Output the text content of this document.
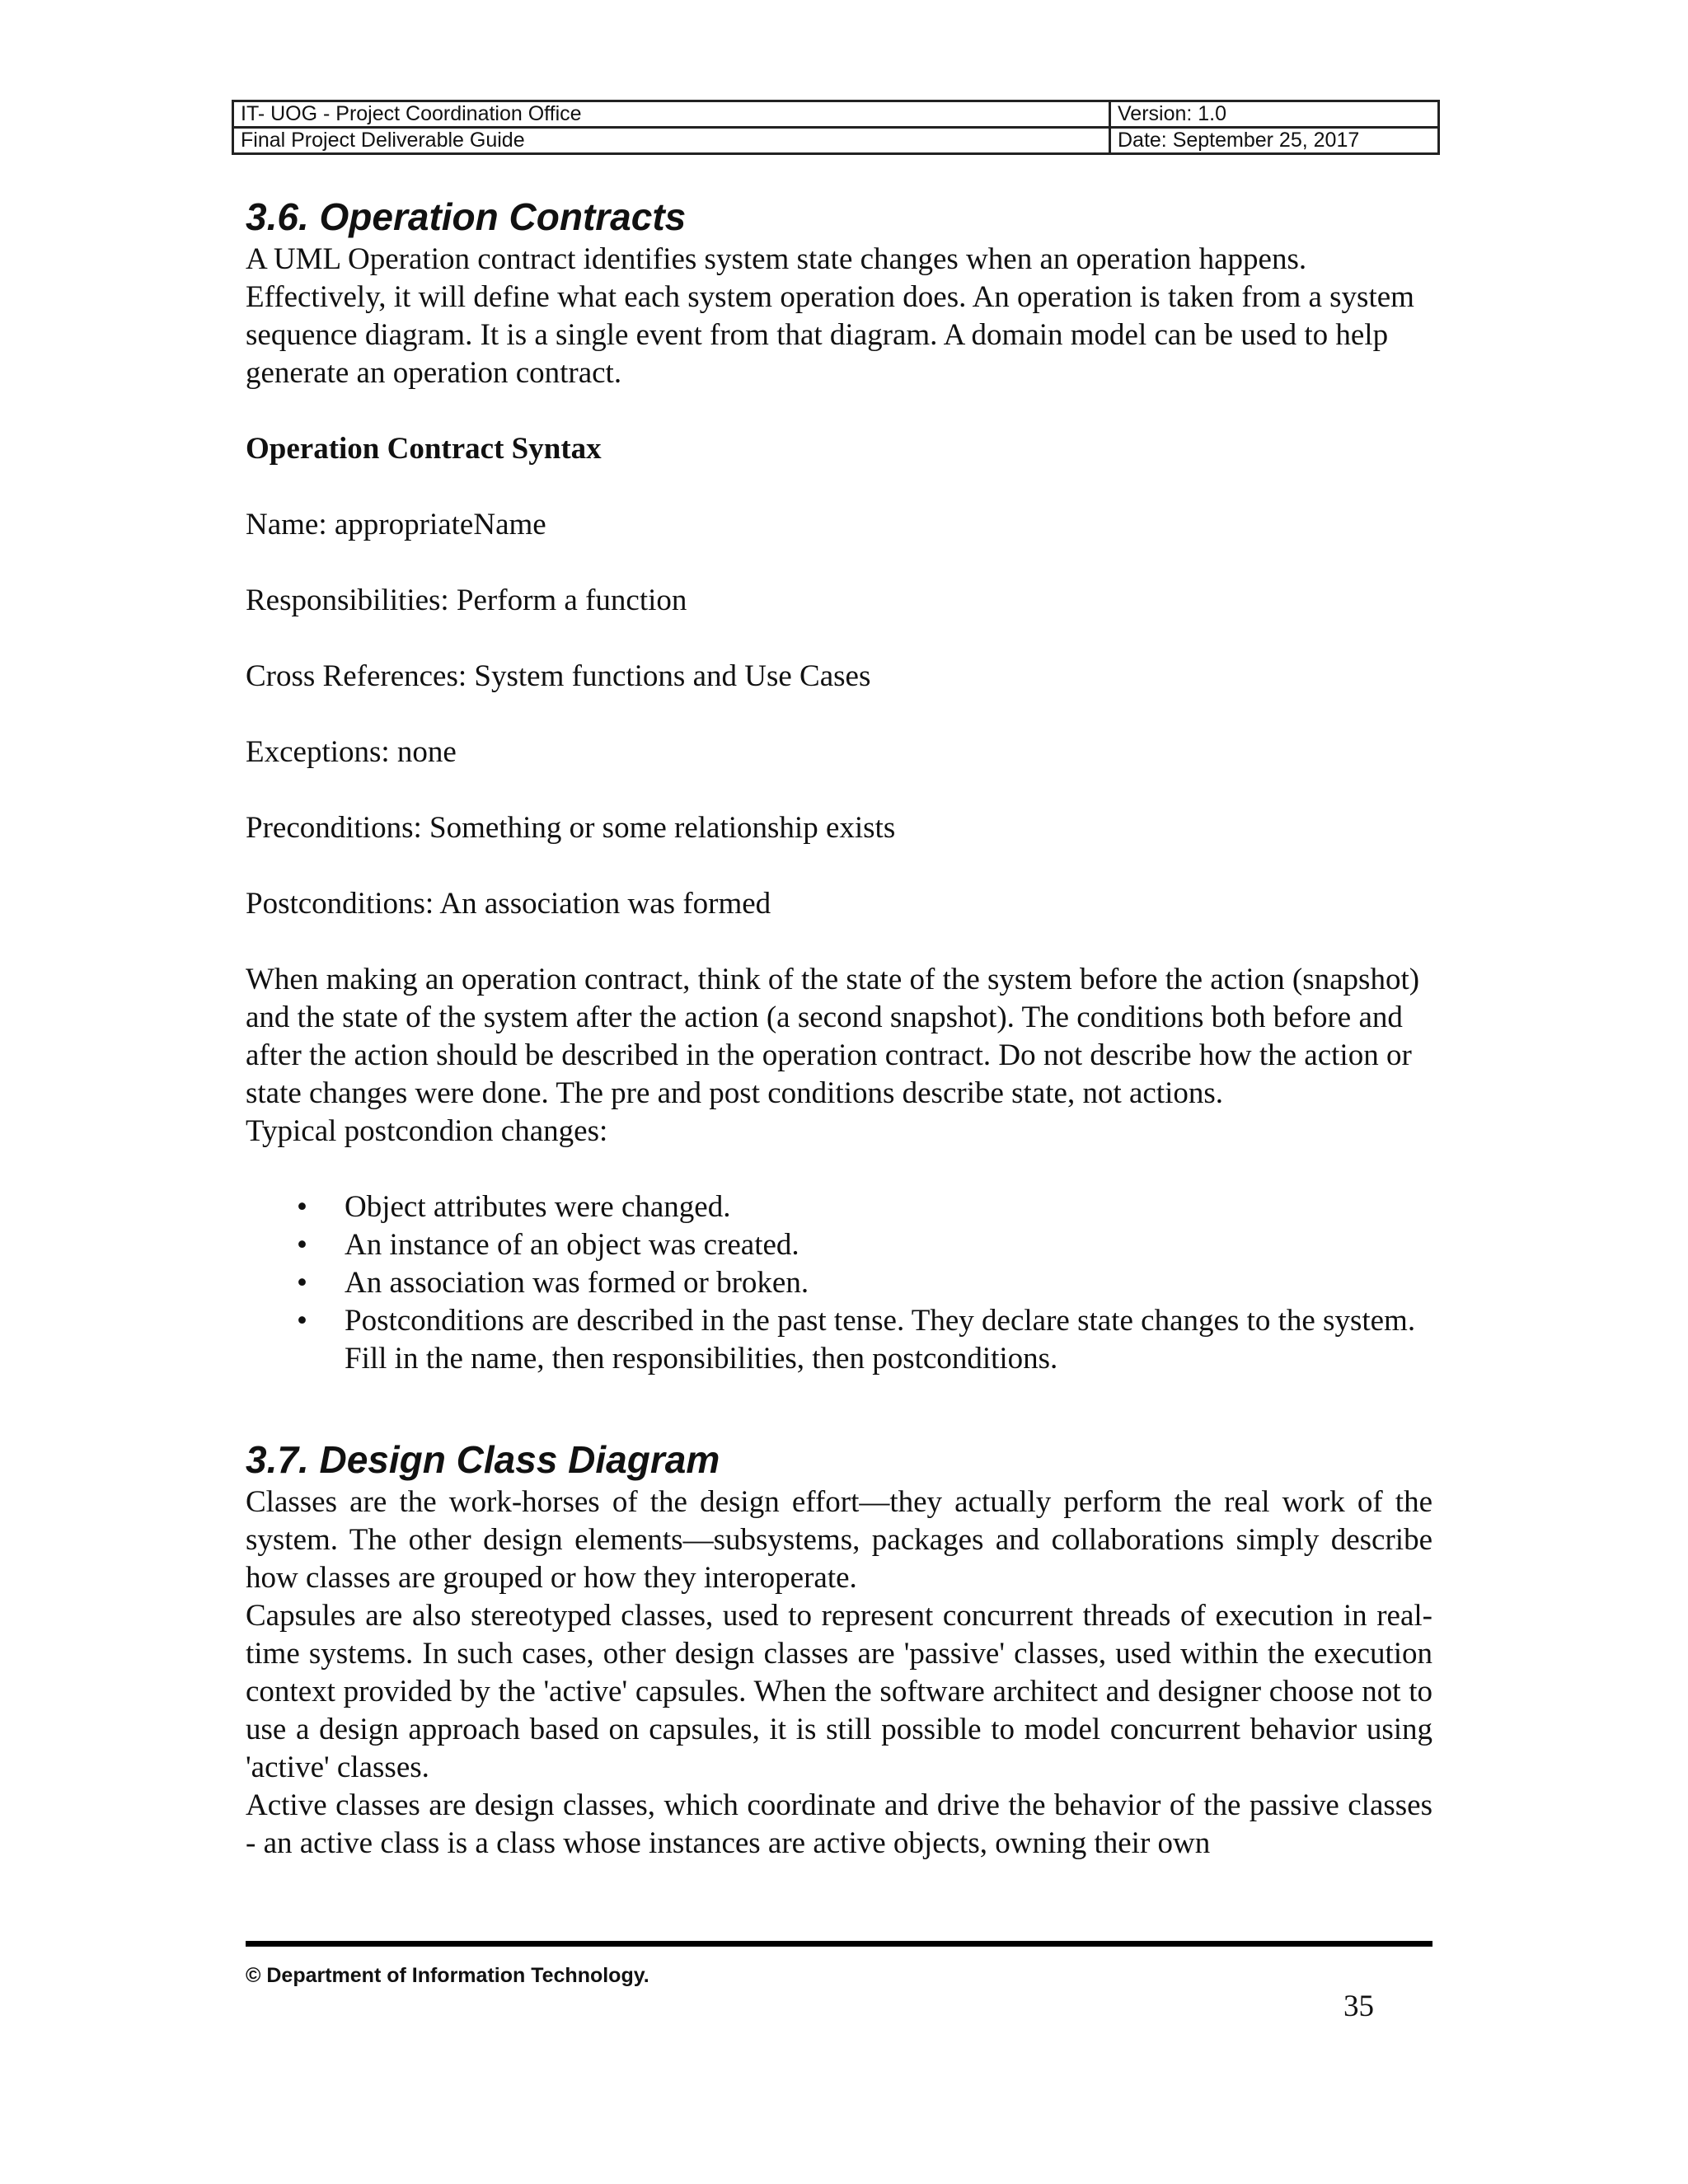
IT- UOG - Project Coordination Office	Version: 1.0
Final Project Deliverable Guide	Date: September 25, 2017
3.6. Operation Contracts

A UML Operation contract identifies system state changes when an operation happens. Effectively, it will define what each system operation does. An operation is taken from a system sequence diagram. It is a single event from that diagram. A domain model can be used to help generate an operation contract.

Operation Contract Syntax

Name: appropriateName

Responsibilities: Perform a function

Cross References: System functions and Use Cases

Exceptions: none

Preconditions: Something or some relationship exists

Postconditions: An association was formed

When making an operation contract, think of the state of the system before the action (snapshot) and the state of the system after the action (a second snapshot). The conditions both before and after the action should be described in the operation contract. Do not describe how the action or state changes were done. The pre and post conditions describe state, not actions.

Typical postcondion changes:

• Object attributes were changed.
• An instance of an object was created.
• An association was formed or broken.
• Postconditions are described in the past tense. They declare state changes to the system. Fill in the name, then responsibilities, then postconditions.
3.7. Design Class Diagram

Classes are the work-horses of the design effort—they actually perform the real work of the system. The other design elements—subsystems, packages and collaborations simply describe how classes are grouped or how they interoperate.

Capsules are also stereotyped classes, used to represent concurrent threads of execution in real-time systems. In such cases, other design classes are 'passive' classes, used within the execution context provided by the 'active' capsules. When the software architect and designer choose not to use a design approach based on capsules, it is still possible to model concurrent behavior using 'active' classes.

Active classes are design classes, which coordinate and drive the behavior of the passive classes - an active class is a class whose instances are active objects, owning their own

© Department of Information Technology.
35
